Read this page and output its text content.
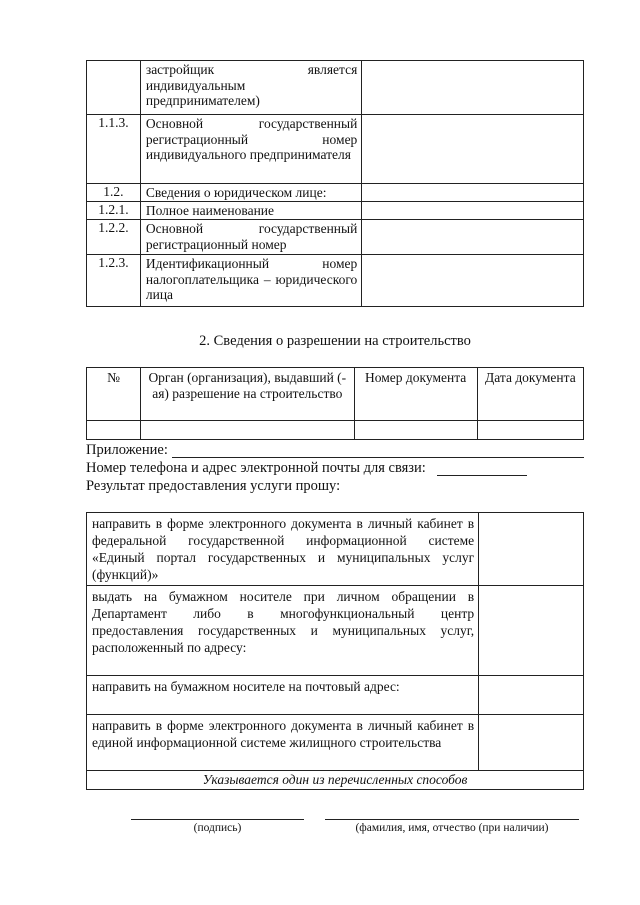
	застройщик является индивидуальным предпринимателем)	
1.1.3.	Основной государственный регистрационный номер индивидуального предпринимателя	
1.2.	Сведения о юридическом лице:	
1.2.1.	Полное наименование	
1.2.2.	Основной государственный регистрационный номер	
1.2.3.	Идентификационный номер налогоплательщика – юридического лица	
2. Сведения о разрешении на строительство
№	Орган (организация), выдавший (-ая) разрешение на строительство	Номер документа	Дата документа

Приложение:
Номер телефона и адрес электронной почты для связи:
Результат предоставления услуги прошу:
направить в форме электронного документа в личный кабинет в федеральной государственной информационной системе «Единый портал государственных и муниципальных услуг (функций)»	
выдать на бумажном носителе при личном обращении в Департамент либо в многофункциональный центр предоставления государственных и муниципальных услуг, расположенный по адресу:	
направить на бумажном носителе на почтовый адрес:	
направить в форме электронного документа в личный кабинет в единой информационной системе жилищного строительства	
Указывается один из перечисленных способов	
(подпись)	(фамилия, имя, отчество (при наличии)
